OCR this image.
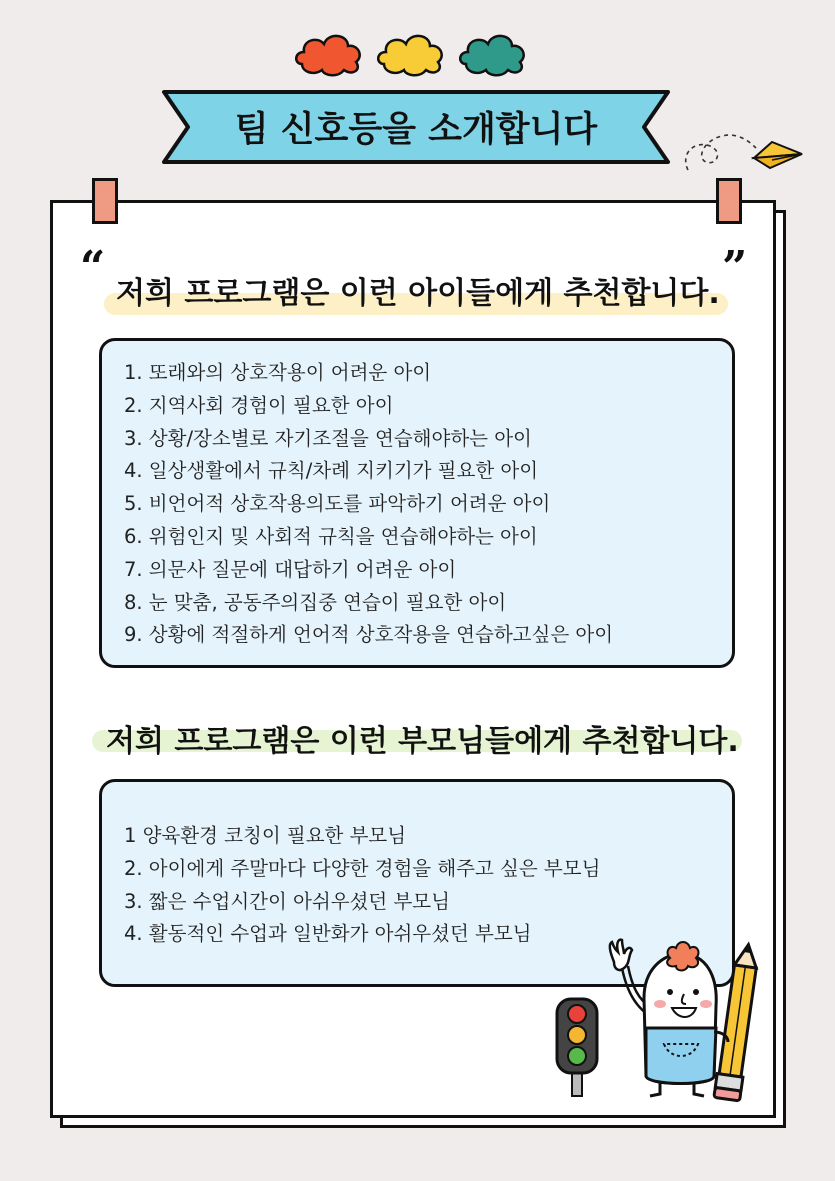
팀 신호등을 소개합니다
“	”
저희 프로그램은 이런 아이들에게 추천합니다.
1. 또래와의 상호작용이 어려운 아이
2. 지역사회 경험이 필요한 아이
3. 상황/장소별로 자기조절을 연습해야하는 아이
4. 일상생활에서 규칙/차례 지키기가 필요한 아이
5. 비언어적 상호작용의도를 파악하기 어려운 아이
6. 위험인지 및 사회적 규칙을 연습해야하는 아이
7. 의문사 질문에 대답하기 어려운 아이
8. 눈 맞춤, 공동주의집중 연습이 필요한 아이
9. 상황에 적절하게 언어적 상호작용을 연습하고싶은 아이
저희 프로그램은 이런 부모님들에게 추천합니다.
1 양육환경 코칭이 필요한 부모님
2. 아이에게 주말마다 다양한 경험을 해주고 싶은 부모님
3. 짧은 수업시간이 아쉬우셨던 부모님
4. 활동적인 수업과 일반화가 아쉬우셨던 부모님
